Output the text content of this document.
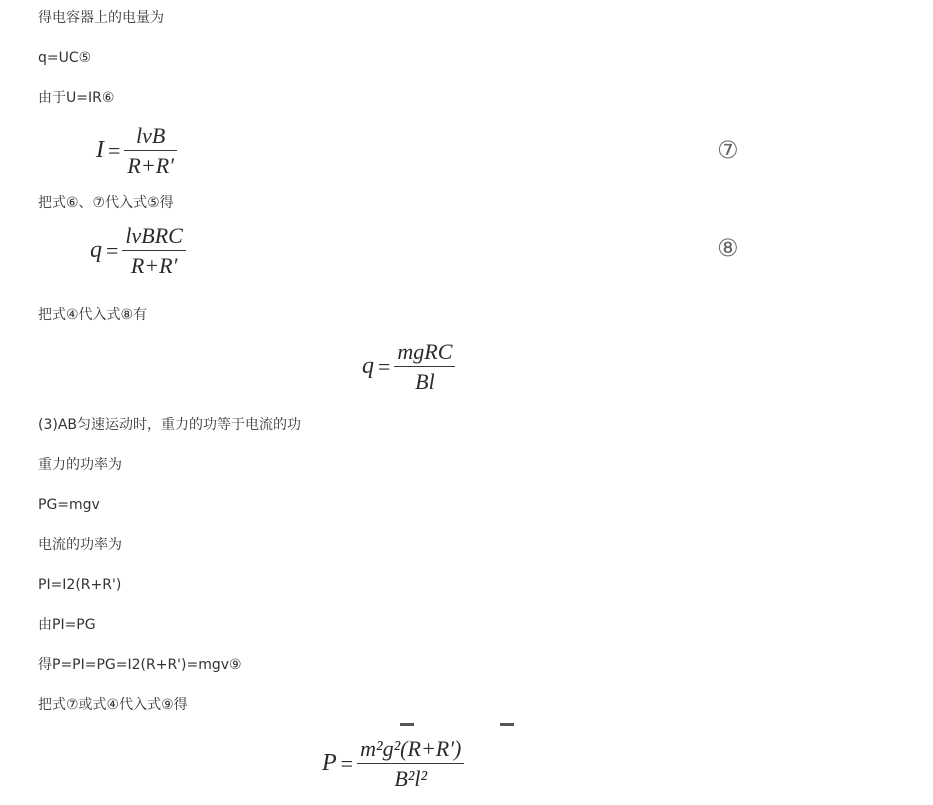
得电容器上的电量为
q=UC⑤
由于U=IR⑥
$I = \frac{\text{lvB}}{R+R'}$	⑦
把式⑥、⑦代入式⑤得
$q = \frac{\text{lvBRC}}{R+R'}$	⑧
把式④代入式⑧有
$q = \frac{\text{mgRC}}{Bl}$
(3)AB匀速运动时，重力的功等于电流的功
重力的功率为
PG=mgv
电流的功率为
PI=I2(R+R')
由PI=PG
得P=PI=PG=I2(R+R')=mgv⑨
把式⑦或式④代入式⑨得
$P = \frac{\text{m²g²(R+R′)}}{\text{B²l²}}$
